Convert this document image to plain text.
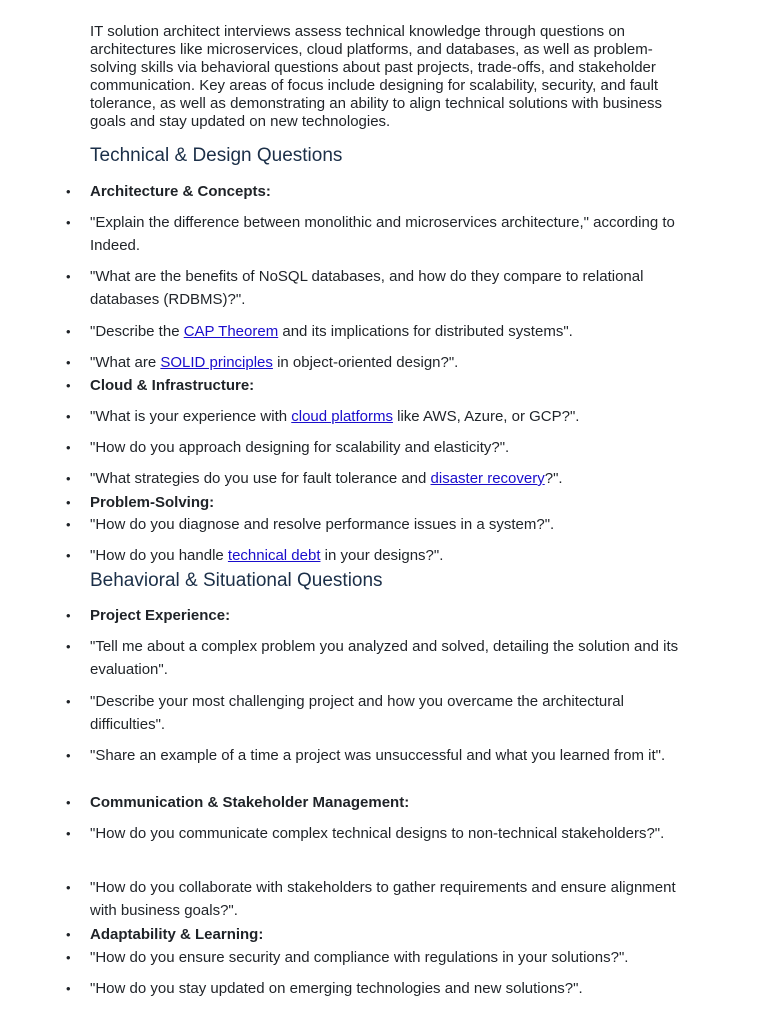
IT solution architect interviews assess technical knowledge through questions on architectures like microservices, cloud platforms, and databases, as well as problem-solving skills via behavioral questions about past projects, trade-offs, and stakeholder communication. Key areas of focus include designing for scalability, security, and fault tolerance, as well as demonstrating an ability to align technical solutions with business goals and stay updated on new technologies.

Technical & Design Questions
•	Architecture & Concepts:
•	"Explain the difference between monolithic and microservices architecture," according to Indeed.
•	"What are the benefits of NoSQL databases, and how do they compare to relational databases (RDBMS)?".
•	"Describe the CAP Theorem and its implications for distributed systems".
•	"What are SOLID principles in object-oriented design?".
•	Cloud & Infrastructure:
•	"What is your experience with cloud platforms like AWS, Azure, or GCP?".
•	"How do you approach designing for scalability and elasticity?".
•	"What strategies do you use for fault tolerance and disaster recovery?".
•	Problem-Solving:
•	"How do you diagnose and resolve performance issues in a system?".
•	"How do you handle technical debt in your designs?".
Behavioral & Situational Questions
•	Project Experience:
•	"Tell me about a complex problem you analyzed and solved, detailing the solution and its evaluation".
•	"Describe your most challenging project and how you overcame the architectural difficulties".
•	"Share an example of a time a project was unsuccessful and what you learned from it".
•	Communication & Stakeholder Management:
•	"How do you communicate complex technical designs to non-technical stakeholders?".
•	"How do you collaborate with stakeholders to gather requirements and ensure alignment with business goals?".
•	Adaptability & Learning:
•	"How do you ensure security and compliance with regulations in your solutions?".
•	"How do you stay updated on emerging technologies and new solutions?".
